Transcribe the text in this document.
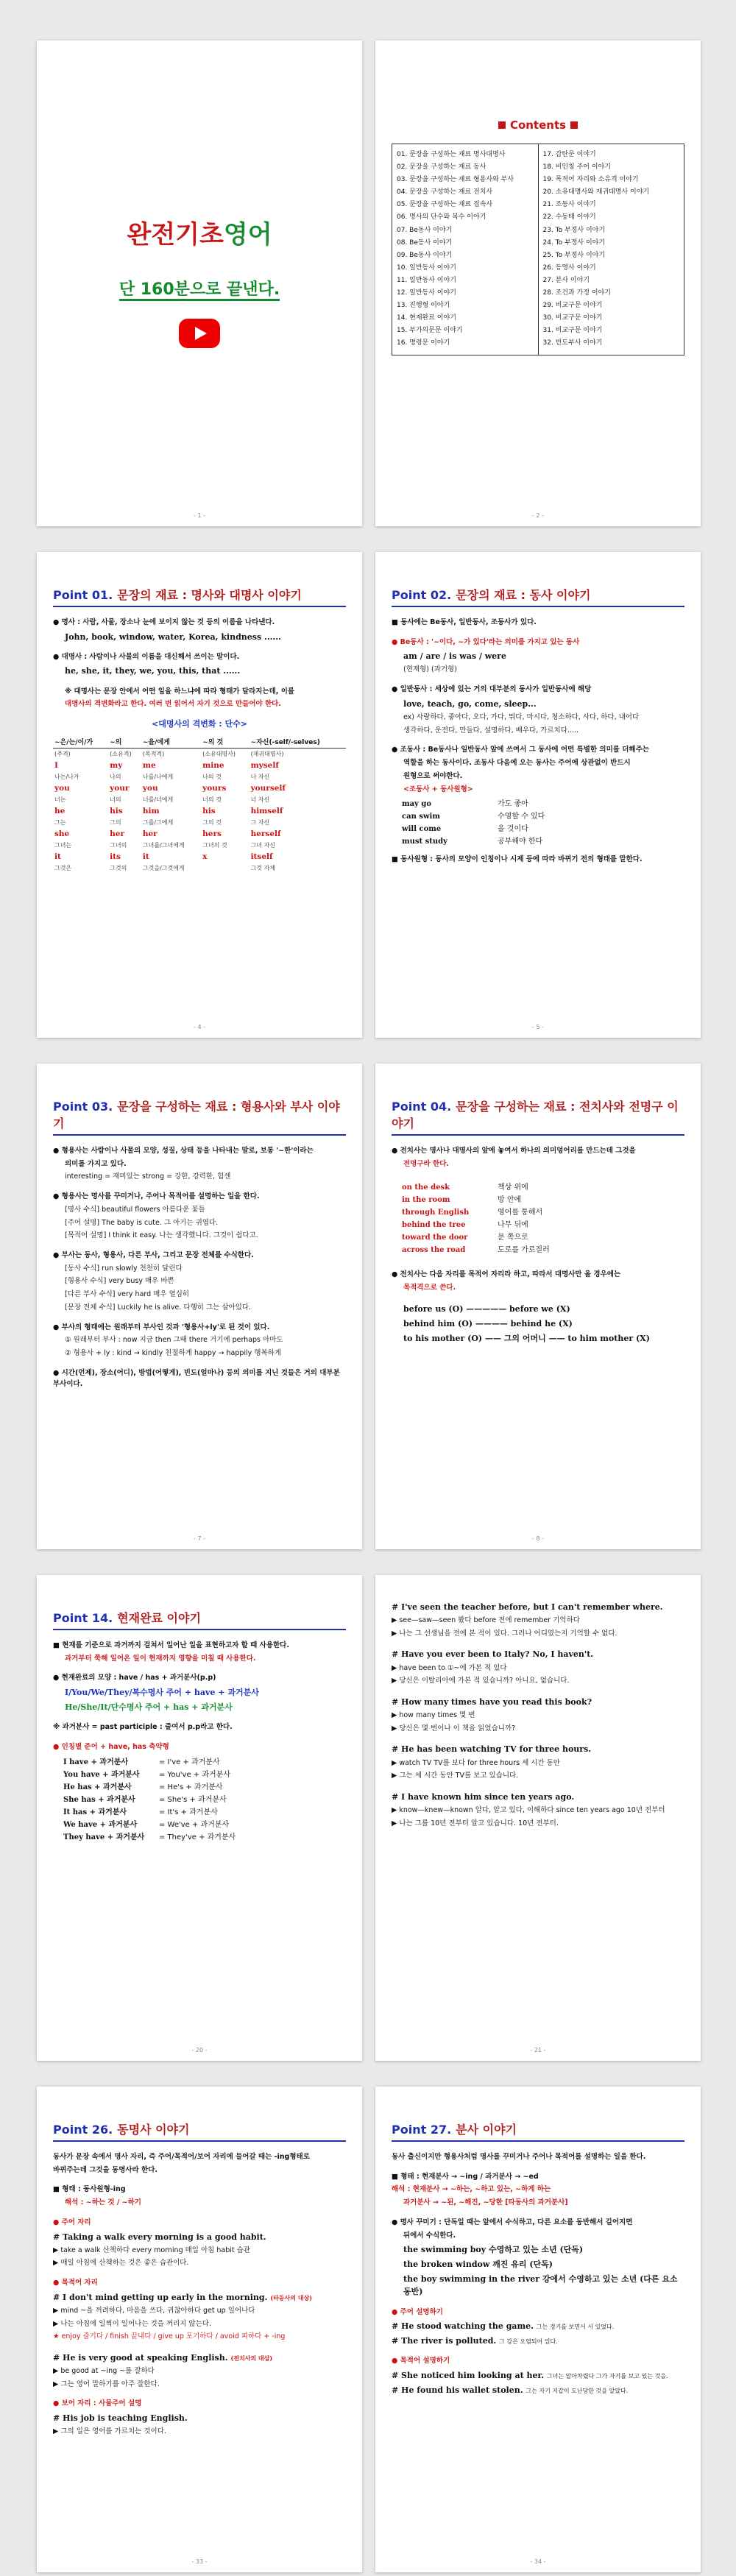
완전기초영어
단 160분으로 끝낸다.
- 1 -
Contents
01. 문장을 구성하는 재료 명사대명사
02. 문장을 구성하는 재료 동사
03. 문장을 구성하는 재료 형용사와 부사
04. 문장을 구성하는 재료 전치사
05. 문장을 구성하는 재료 접속사
06. 명사의 단수와 복수 이야기
07. Be동사 이야기
08. Be동사 이야기
09. Be동사 이야기
10. 일반동사 이야기
11. 일반동사 이야기
12. 일반동사 이야기
13. 진행형 이야기
14. 현재완료 이야기
15. 부가의문문 이야기
16. 명령문 이야기
17. 감탄문 이야기
18. 비인칭 주어 이야기
19. 목적어 자리와 소유격 이야기
20. 소유대명사와 재귀대명사 이야기
21. 조동사 이야기
22. 수동태 이야기
23. To 부정사 이야기
24. To 부정사 이야기
25. To 부정사 이야기
26. 동명사 이야기
27. 분사 이야기
28. 조건과 가정 이야기
29. 비교구문 이야기
30. 비교구문 이야기
31. 비교구문 이야기
32. 빈도부사 이야기
- 2 -
Point 01. 문장의 재료 : 명사와 대명사 이야기
● 명사 : 사람, 사물, 장소나 눈에 보이지 않는 것 등의 이름을 나타낸다.
John, book, window, water, Korea, kindness ......
● 대명사 : 사람이나 사물의 이름을 대신해서 쓰이는 말이다.
he, she, it, they, we, you, this, that ......
※ 대명사는 문장 안에서 어떤 일을 하느냐에 따라 형태가 달라지는데, 이를
대명사의 격변화라고 한다. 여러 번 읽어서 자기 것으로 만들어야 한다.
<대명사의 격변화 : 단수>
~은/는/이/가	~의	~을/에게	~의 것	~자신(-self/-selves)
(주격)	(소유격)	(목적격)	(소유대명사)	(재귀대명사)
I	my	me	mine	myself
나는/나가	나의	나를/나에게	나의 것	나 자신
you	your	you	yours	yourself
너는	너의	너를/너에게	너의 것	너 자신
he	his	him	his	himself
그는	그의	그를/그에게	그의 것	그 자신
she	her	her	hers	herself
그녀는	그녀의	그녀를/그녀에게	그녀의 것	그녀 자신
it	its	it	x	itself
그것은	그것의	그것을/그것에게		그것 자체
- 4 -
Point 02. 문장의 재료 : 동사 이야기
■ 동사에는 Be동사, 일반동사, 조동사가 있다.
● Be동사 : '~이다, ~가 있다'라는 의미를 가지고 있는 동사
am / are / is was / were
(현재형) (과거형)
● 일반동사 : 세상에 있는 거의 대부분의 동사가 일반동사에 해당
love, teach, go, come, sleep...
ex) 사랑하다, 좋아다, 오다, 가다, 뛰다, 마시다, 청소하다, 사다, 하다, 내어다
생각하다, 운전다, 만들다, 설명하다, 배우다, 가르치다.....
● 조동사 : Be동사나 일반동사 앞에 쓰여서 그 동사에 어떤 특별한 의미를 더해주는
역할을 하는 동사이다. 조동사 다음에 오는 동사는 주어에 상관없이 반드시
원형으로 써야한다.
<조동사 + 동사원형>
may go	가도 좋아
can swim	수영할 수 있다
will come	올 것이다
must study	공부해야 한다
■ 동사원형 : 동사의 모양이 인칭이나 시제 등에 따라 바뀌기 전의 형태를 말한다.
- 5 -
Point 03. 문장을 구성하는 재료 : 형용사와 부사 이야기
● 형용사는 사람이나 사물의 모양, 성질, 상태 등을 나타내는 말로, 보통 '~한'이라는
의미를 가지고 있다.
interesting = 재미있는 strong = 강한, 강력한, 힘센
● 형용사는 명사를 꾸미거나, 주어나 목적어를 설명하는 일을 한다.
[명사 수식] beautiful flowers 아름다운 꽃들
[주어 설명] The baby is cute. 그 아기는 귀엽다.
[목적어 설명] I think it easy. 나는 생각했니다. 그것이 쉽다고.
● 부사는 동사, 형용사, 다른 부사, 그리고 문장 전체를 수식한다.
[동사 수식] run slowly 천천히 달린다
[형용사 수식] very busy 매우 바쁜
[다른 부사 수식] very hard 매우 열심히
[문장 전체 수식] Luckily he is alive. 다행히 그는 살아있다.
● 부사의 형태에는 원래부터 부사인 것과 '형용사+ly'로 된 것이 있다.
① 원래부터 부사 : now 지금 then 그때 there 거기에 perhaps 아마도
② 형용사 + ly : kind → kindly 친절하게 happy → happily 행복하게
● 시간(언제), 장소(어디), 방법(어떻게), 빈도(얼마나) 등의 의미를 지닌 것들은 거의 대부분 부사이다.
- 7 -
Point 04. 문장을 구성하는 재료 : 전치사와 전명구 이야기
● 전치사는 명사나 대명사의 앞에 놓여서 하나의 의미덩어리를 만드는데 그것을
전명구라 한다.
on the desk	책상 위에
in the room	방 안에
through English	영어를 통해서
behind the tree	나무 뒤에
toward the door	문 쪽으로
across the road	도로를 가로질러
● 전치사는 다음 자리를 목적어 자리라 하고, 따라서 대명사만 올 경우에는
목적격으로 쓴다.
before us (O) ————— before we (X)
behind him (O) ———— behind he (X)
to his mother (O) —— 그의 어머니 —— to him mother (X)
- 8 -
Point 14. 현재완료 이야기
■ 현재를 기준으로 과거까지 걸쳐서 일어난 일을 표현하고자 할 때 사용한다.
과거부터 쭉해 일어온 일이 현재까지 영향을 미칠 때 사용한다.
● 현재완료의 모양 : have / has + 과거분사(p.p)
I/You/We/They/복수명사 주어 + have + 과거분사
He/She/It/단수명사 주어 + has + 과거분사
※ 과거분사 = past participle : 줄여서 p.p라고 한다.
● 인칭별 준어 + have, has 축약형
I have + 과거분사	= I've + 과거분사
You have + 과거분사	= You've + 과거분사
He has + 과거분사	= He's + 과거분사
She has + 과거분사	= She's + 과거분사
It has + 과거분사	= It's + 과거분사
We have + 과거분사	= We've + 과거분사
They have + 과거분사	= They've + 과거분사
- 20 -
# I've seen the teacher before, but I can't remember where.
▶ see—saw—seen 봤다 before 전에 remember 기억하다
▶ 나는 그 선생님을 전에 본 적이 있다. 그러나 어디였는지 기억할 수 없다.
# Have you ever been to Italy? No, I haven't.
▶ have been to ①~에 가본 적 있다
▶ 당신은 이탈리아에 가본 적 있습니까? 아니요, 없습니다.
# How many times have you read this book?
▶ how many times 몇 번
▶ 당신은 몇 번이나 이 책을 읽었습니까?
# He has been watching TV for three hours.
▶ watch TV TV를 보다 for three hours 세 시간 동안
▶ 그는 세 시간 동안 TV를 보고 있습니다.
# I have known him since ten years ago.
▶ know—knew—known 알다, 알고 있다, 이해하다 since ten years ago 10년 전부터
▶ 나는 그를 10년 전부터 알고 있습니다. 10년 전부터.
- 21 -
Point 26. 동명사 이야기
동사가 문장 속에서 명사 자리, 즉 주어/목적어/보어 자리에 들어갈 때는 -ing형태로
바뀌주는데 그것을 동명사라 한다.
■ 형태 : 동사원형-ing
해석 : ~하는 것 / ~하기
● 주어 자리
# Taking a walk every morning is a good habit.
▶ take a walk 산책하다 every morning 매일 아침 habit 습관
▶ 매일 아침에 산책하는 것은 좋은 습관이다.
● 목적어 자리
# I don't mind getting up early in the morning. (타동사의 대상)
▶ mind ~을 꺼려하다, 마음을 쓰다, 귀찮아하다 get up 일어나다
▶ 나는 아침에 일찍이 일어나는 것을 꺼리지 않는다.
★ enjoy 즐기다 / finish 끝내다 / give up 포기하다 / avoid 피하다 + -ing
# He is very good at speaking English. (전치사의 대상)
▶ be good at ~ing ~를 잘하다
▶ 그는 영어 말하기를 아주 잘한다.
● 보어 자리 : 사물주어 설명
# His job is teaching English.
▶ 그의 일은 영어를 가르치는 것이다.
- 33 -
Point 27. 분사 이야기
동사 출신이지만 형용사처럼 명사를 꾸미거나 주어나 목적어를 설명하는 일을 한다.
■ 형태 : 현재분사 → ~ing / 과거분사 → ~ed
해석 : 현재분사 → ~하는, ~하고 있는, ~하게 하는
과거분사 → ~된, ~해진, ~당한 [타동사의 과거분사]
● 명사 꾸미기 : 단독일 때는 앞에서 수식하고, 다른 요소를 동반해서 길어지면
뒤에서 수식한다.
the swimming boy 수영하고 있는 소년 (단독)
the broken window 깨진 유리 (단독)
the boy swimming in the river 강에서 수영하고 있는 소년 (다른 요소 동반)
● 주어 설명하기
# He stood watching the game. 그는 경기를 보면서 서 있었다.
# The river is polluted. 그 강은 오염되어 있다.
● 목적어 설명하기
# She noticed him looking at her. 그녀는 알아차렸다 그가 자기를 보고 있는 것을.
# He found his wallet stolen. 그는 자기 지갑이 도난당한 것을 알았다.
- 34 -
